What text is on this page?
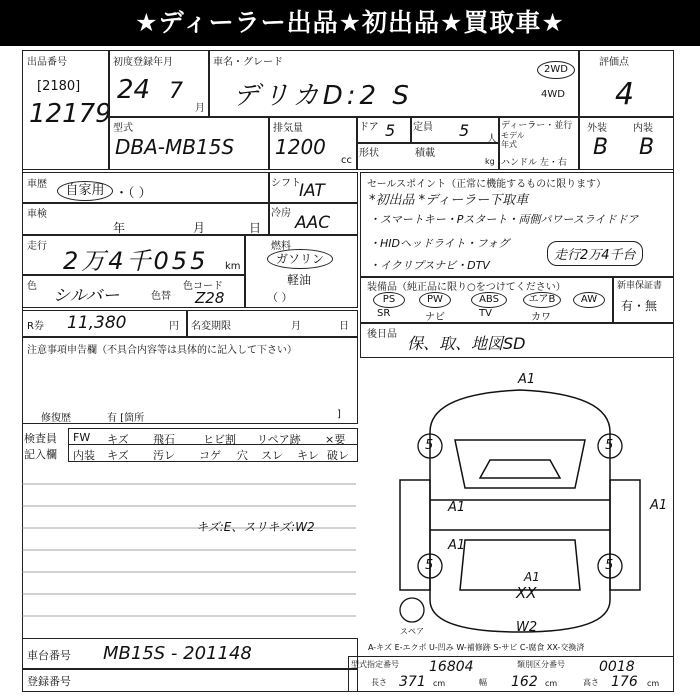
★ディーラー出品★初出品★買取車★
出品番号
[2180]
12179
初度登録年月
24 7
月
車名・グレード
デリカD:2 S
2WD
4WD
評価点
4
型式
DBA-MB15S
排気量
1200
cc
ドア 5 定員 5 人
形状	積載
kg
ディーラー・並行
モデル年式
ハンドル 左・右
外装	内装
B B
車歴	自家用 ・（ ）
シフト
IAT
車検
年	月	日
冷房 AAC
走行
2万4千055 km
燃料
ガソリン
軽油
（ ）
色 シルバー	色替
色コード
Z28
R券 11,380	円 名変期限	月	日
注意事項申告欄（不具合内容等は具体的に記入して下さい）
修復歴	有 [箇所	]
セールスポイント（正常に機能するものに限ります）
*初出品 *ディーラー下取車
・スマートキー・Pスタート・両側パワースライドドア
・HIDヘッドライト・フォグ
・イクリプスナビ・DTV
走行2万4千台
装備品（純正品に限り○をつけてください）
PS	PW	ABS	エアB	AW
SR	ナビ	TV	カワ
新車保証書
有・無
後日品 保、取、地図SD
検査員
記入欄
FW キズ 飛石	ヒビ割 リペア跡 ×要
内装 キズ 汚レ コゲ 穴 スレ キレ 破レ
キズ:E、スリキズ:W2
A1
A1	A1
A1
A1
XX
W2
5	5
5	5
スペア
A-キズ E-エクボ U-凹み W-補修跡 S-サビ C-腐食 XX-交換済
車台番号 MB15S - 201148
登録番号
型式指定番号 16804	類別区分番号 0018
長さ 371 cm	幅 162 cm	高さ 176 cm
